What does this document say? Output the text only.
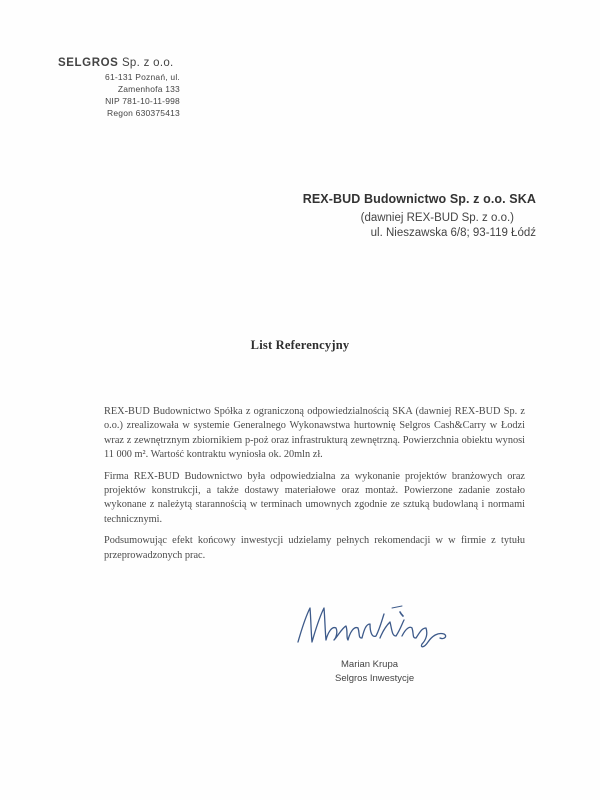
SELGROS Sp. z o.o.
61-131 Poznań, ul. Zamenhofa 133
NIP 781-10-11-998
Regon 630375413
REX-BUD Budownictwo Sp. z o.o. SKA
(dawniej REX-BUD Sp. z o.o.)
ul. Nieszawska 6/8; 93-119 Łódź
List Referencyjny

REX-BUD Budownictwo Spółka z ograniczoną odpowiedzialnością SKA (dawniej REX-BUD Sp. z o.o.) zrealizowała w systemie Generalnego Wykonawstwa hurtownię Selgros Cash&Carry w Łodzi wraz z zewnętrznym zbiornikiem p-poż oraz infrastrukturą zewnętrzną. Powierzchnia obiektu wynosi 11 000 m². Wartość kontraktu wyniosła ok. 20mln zł.

Firma REX-BUD Budownictwo była odpowiedzialna za wykonanie projektów branżowych oraz projektów konstrukcji, a także dostawy materiałowe oraz montaż. Powierzone zadanie zostało wykonane z należytą starannością w terminach umownych zgodnie ze sztuką budowlaną i normami technicznymi.

Podsumowując efekt końcowy inwestycji udzielamy pełnych rekomendacji w w firmie z tytułu przeprowadzonych prac.

Marian Krupa
Selgros Inwestycje
